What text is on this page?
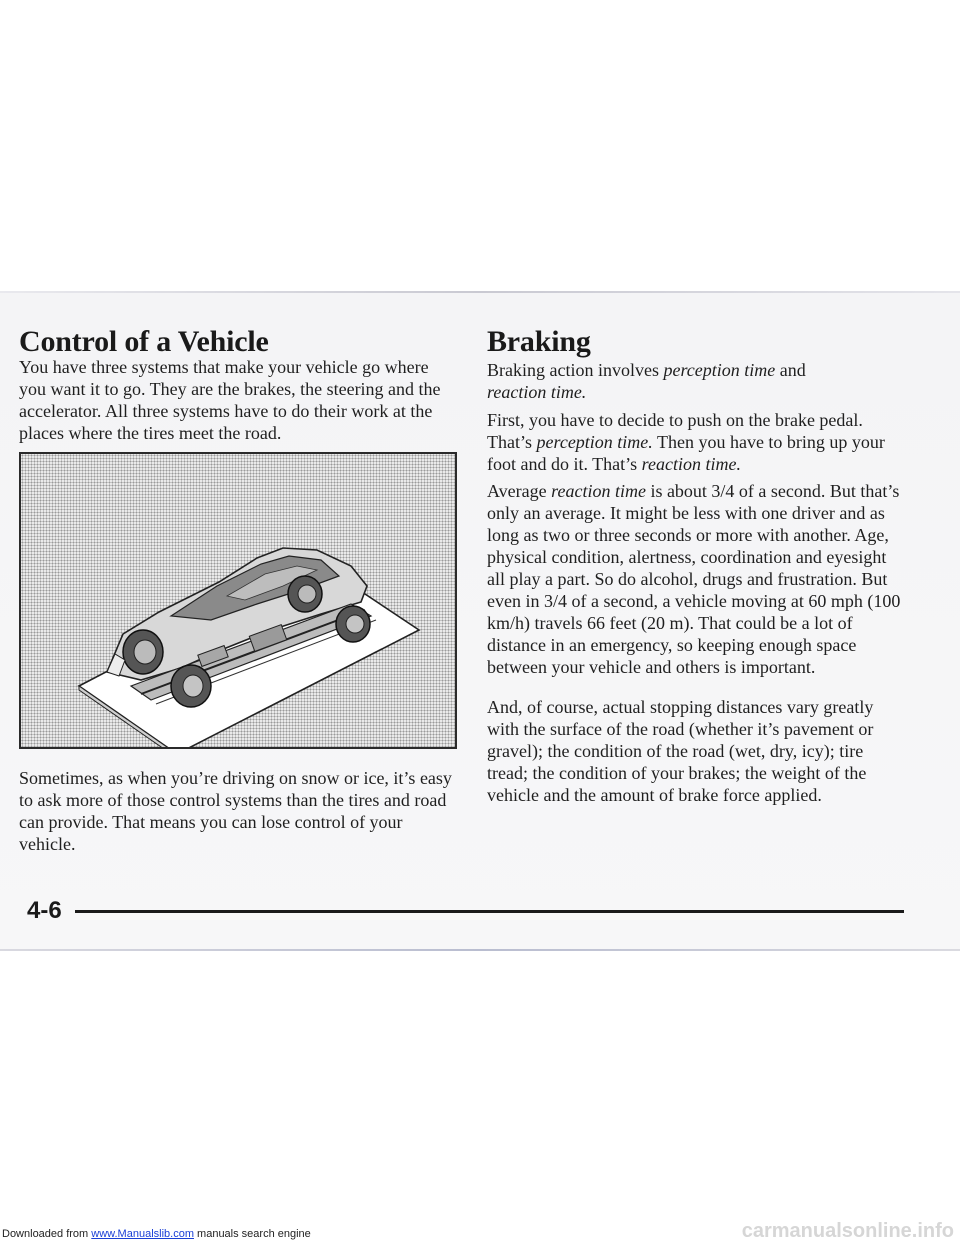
Control of a Vehicle

You have three systems that make your vehicle go where you want it to go. They are the brakes, the steering and the accelerator. All three systems have to do their work at the places where the tires meet the road.

Sometimes, as when you’re driving on snow or ice, it’s easy to ask more of those control systems than the tires and road can provide. That means you can lose control of your vehicle.

Braking

Braking action involves perception time and
reaction time.

First, you have to decide to push on the brake pedal. That’s perception time. Then you have to bring up your foot and do it. That’s reaction time.

Average reaction time is about 3/4 of a second. But that’s only an average. It might be less with one driver and as long as two or three seconds or more with another. Age, physical condition, alertness, coordination and eyesight all play a part. So do alcohol, drugs and frustration. But even in 3/4 of a second, a vehicle moving at 60 mph (100 km/h) travels 66 feet (20 m). That could be a lot of distance in an emergency, so keeping enough space between your vehicle and others is important.

And, of course, actual stopping distances vary greatly with the surface of the road (whether it’s pavement or gravel); the condition of the road (wet, dry, icy); tire tread; the condition of your brakes; the weight of the vehicle and the amount of brake force applied.

4-6

Downloaded from www.Manualslib.com manuals search engine	carmanualsonline.info
